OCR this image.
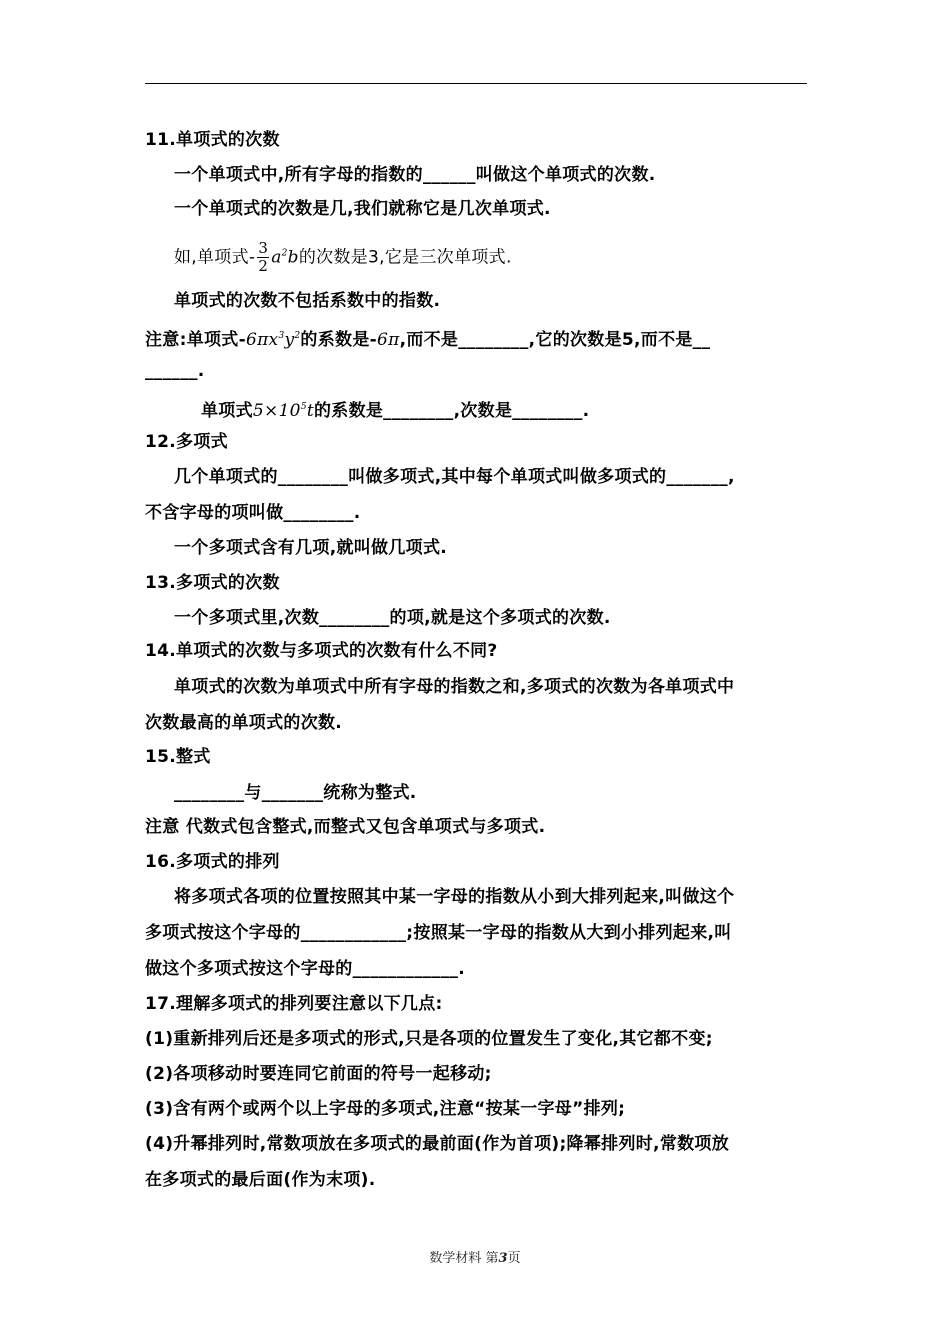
11.单项式的次数
一个单项式中,所有字母的指数的______叫做这个单项式的次数.
一个单项式的次数是几,我们就称它是几次单项式.
如,单项式- $\frac{3}{2} a^2b$的次数是3,它是三次单项式.
单项式的次数不包括系数中的指数.
注意:单项式$-6\pi x^3y^2$的系数是-6π,而不是________,它的次数是5,而不是__
______.
单项式$5\times 10^5t$的系数是________,次数是________.
12.多项式
几个单项式的________叫做多项式,其中每个单项式叫做多项式的_______,
不含字母的项叫做________.
一个多项式含有几项,就叫做几项式.
13.多项式的次数
一个多项式里,次数________的项,就是这个多项式的次数.
14.单项式的次数与多项式的次数有什么不同?
单项式的次数为单项式中所有字母的指数之和,多项式的次数为各单项式中
次数最高的单项式的次数.
15.整式
________与_______统称为整式.
注意 代数式包含整式,而整式又包含单项式与多项式.
16.多项式的排列
将多项式各项的位置按照其中某一字母的指数从小到大排列起来,叫做这个
多项式按这个字母的____________;按照某一字母的指数从大到小排列起来,叫
做这个多项式按这个字母的____________.
17.理解多项式的排列要注意以下几点:
(1)重新排列后还是多项式的形式,只是各项的位置发生了变化,其它都不变;
(2)各项移动时要连同它前面的符号一起移动;
(3)含有两个或两个以上字母的多项式,注意“按某一字母”排列;
(4)升幂排列时,常数项放在多项式的最前面(作为首项);降幂排列时,常数项放
在多项式的最后面(作为末项).
数学材料 第3页
